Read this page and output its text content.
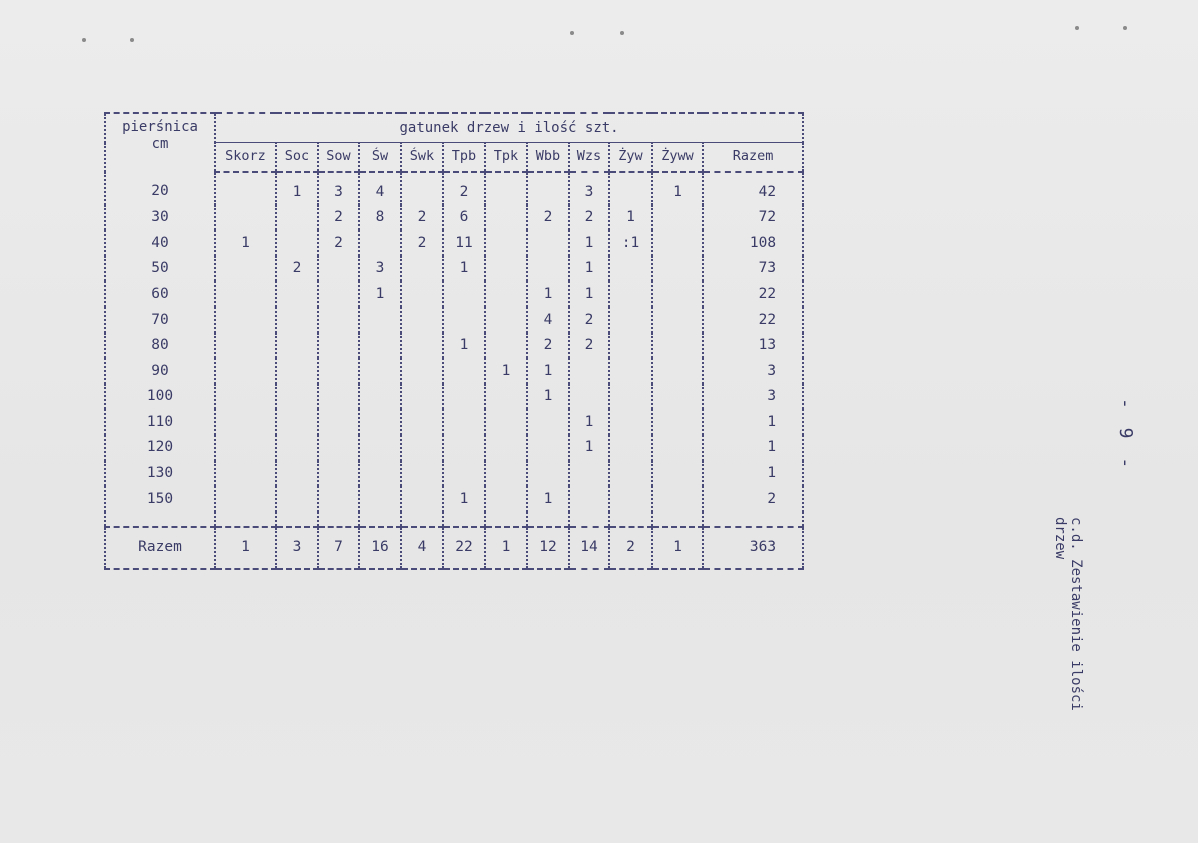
pierśnica
cm	gatunek drzew i ilość szt.											
	Skorz	Soc	Sow	Św	Śwk	Tpb	Tpk	Wbb	Wzs	Żyw	Żyww	Razem
20		1	3	4		2			3		1	42
30			2	8	2	6		2	2	1		72
40	1		2		2	11			1	:1		108
50		2		3		1			1			73
60				1				1	1			22
70								4	2			22
80						1		2	2			13
90							1	1				3
100								1				3
110									1			1
120									1			1
130												1
150						1		1				2

Razem	1	3	7	16	4	22	1	12	14	2	1	363
- 9 -
c.d. Zestawienie ilości
drzew
